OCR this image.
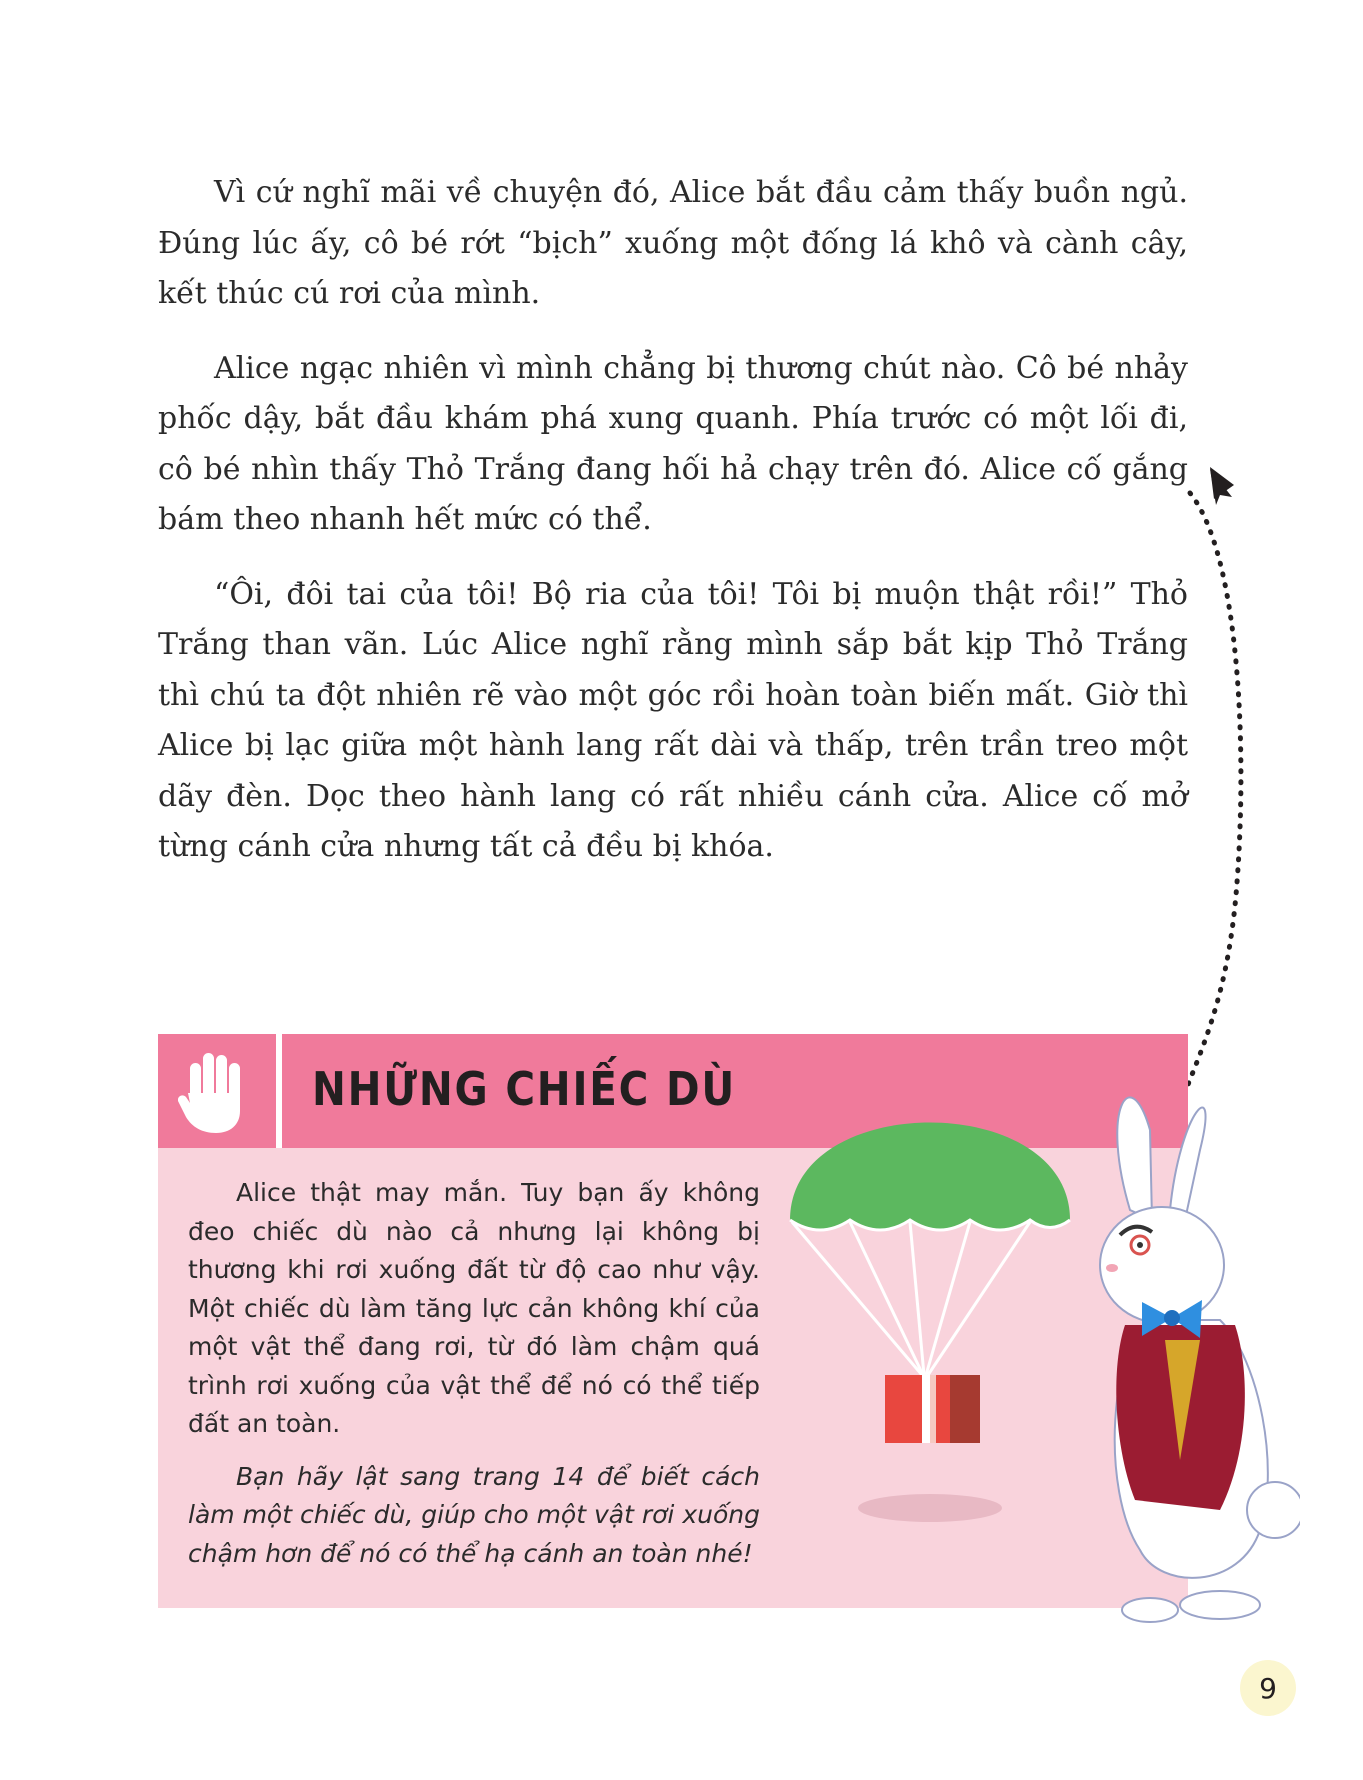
Vì cứ nghĩ mãi về chuyện đó, Alice bắt đầu cảm thấy buồn ngủ. Đúng lúc ấy, cô bé rớt “bịch” xuống một đống lá khô và cành cây, kết thúc cú rơi của mình.

Alice ngạc nhiên vì mình chẳng bị thương chút nào. Cô bé nhảy phốc dậy, bắt đầu khám phá xung quanh. Phía trước có một lối đi, cô bé nhìn thấy Thỏ Trắng đang hối hả chạy trên đó. Alice cố gắng bám theo nhanh hết mức có thể.

“Ôi, đôi tai của tôi! Bộ ria của tôi! Tôi bị muộn thật rồi!” Thỏ Trắng than vãn. Lúc Alice nghĩ rằng mình sắp bắt kịp Thỏ Trắng thì chú ta đột nhiên rẽ vào một góc rồi hoàn toàn biến mất. Giờ thì Alice bị lạc giữa một hành lang rất dài và thấp, trên trần treo một dãy đèn. Dọc theo hành lang có rất nhiều cánh cửa. Alice cố mở từng cánh cửa nhưng tất cả đều bị khóa.

NHỮNG CHIẾC DÙ

Alice thật may mắn. Tuy bạn ấy không đeo chiếc dù nào cả nhưng lại không bị thương khi rơi xuống đất từ độ cao như vậy. Một chiếc dù làm tăng lực cản không khí của một vật thể đang rơi, từ đó làm chậm quá trình rơi xuống của vật thể để nó có thể tiếp đất an toàn.

Bạn hãy lật sang trang 14 để biết cách làm một chiếc dù, giúp cho một vật rơi xuống chậm hơn để nó có thể hạ cánh an toàn nhé!

9
